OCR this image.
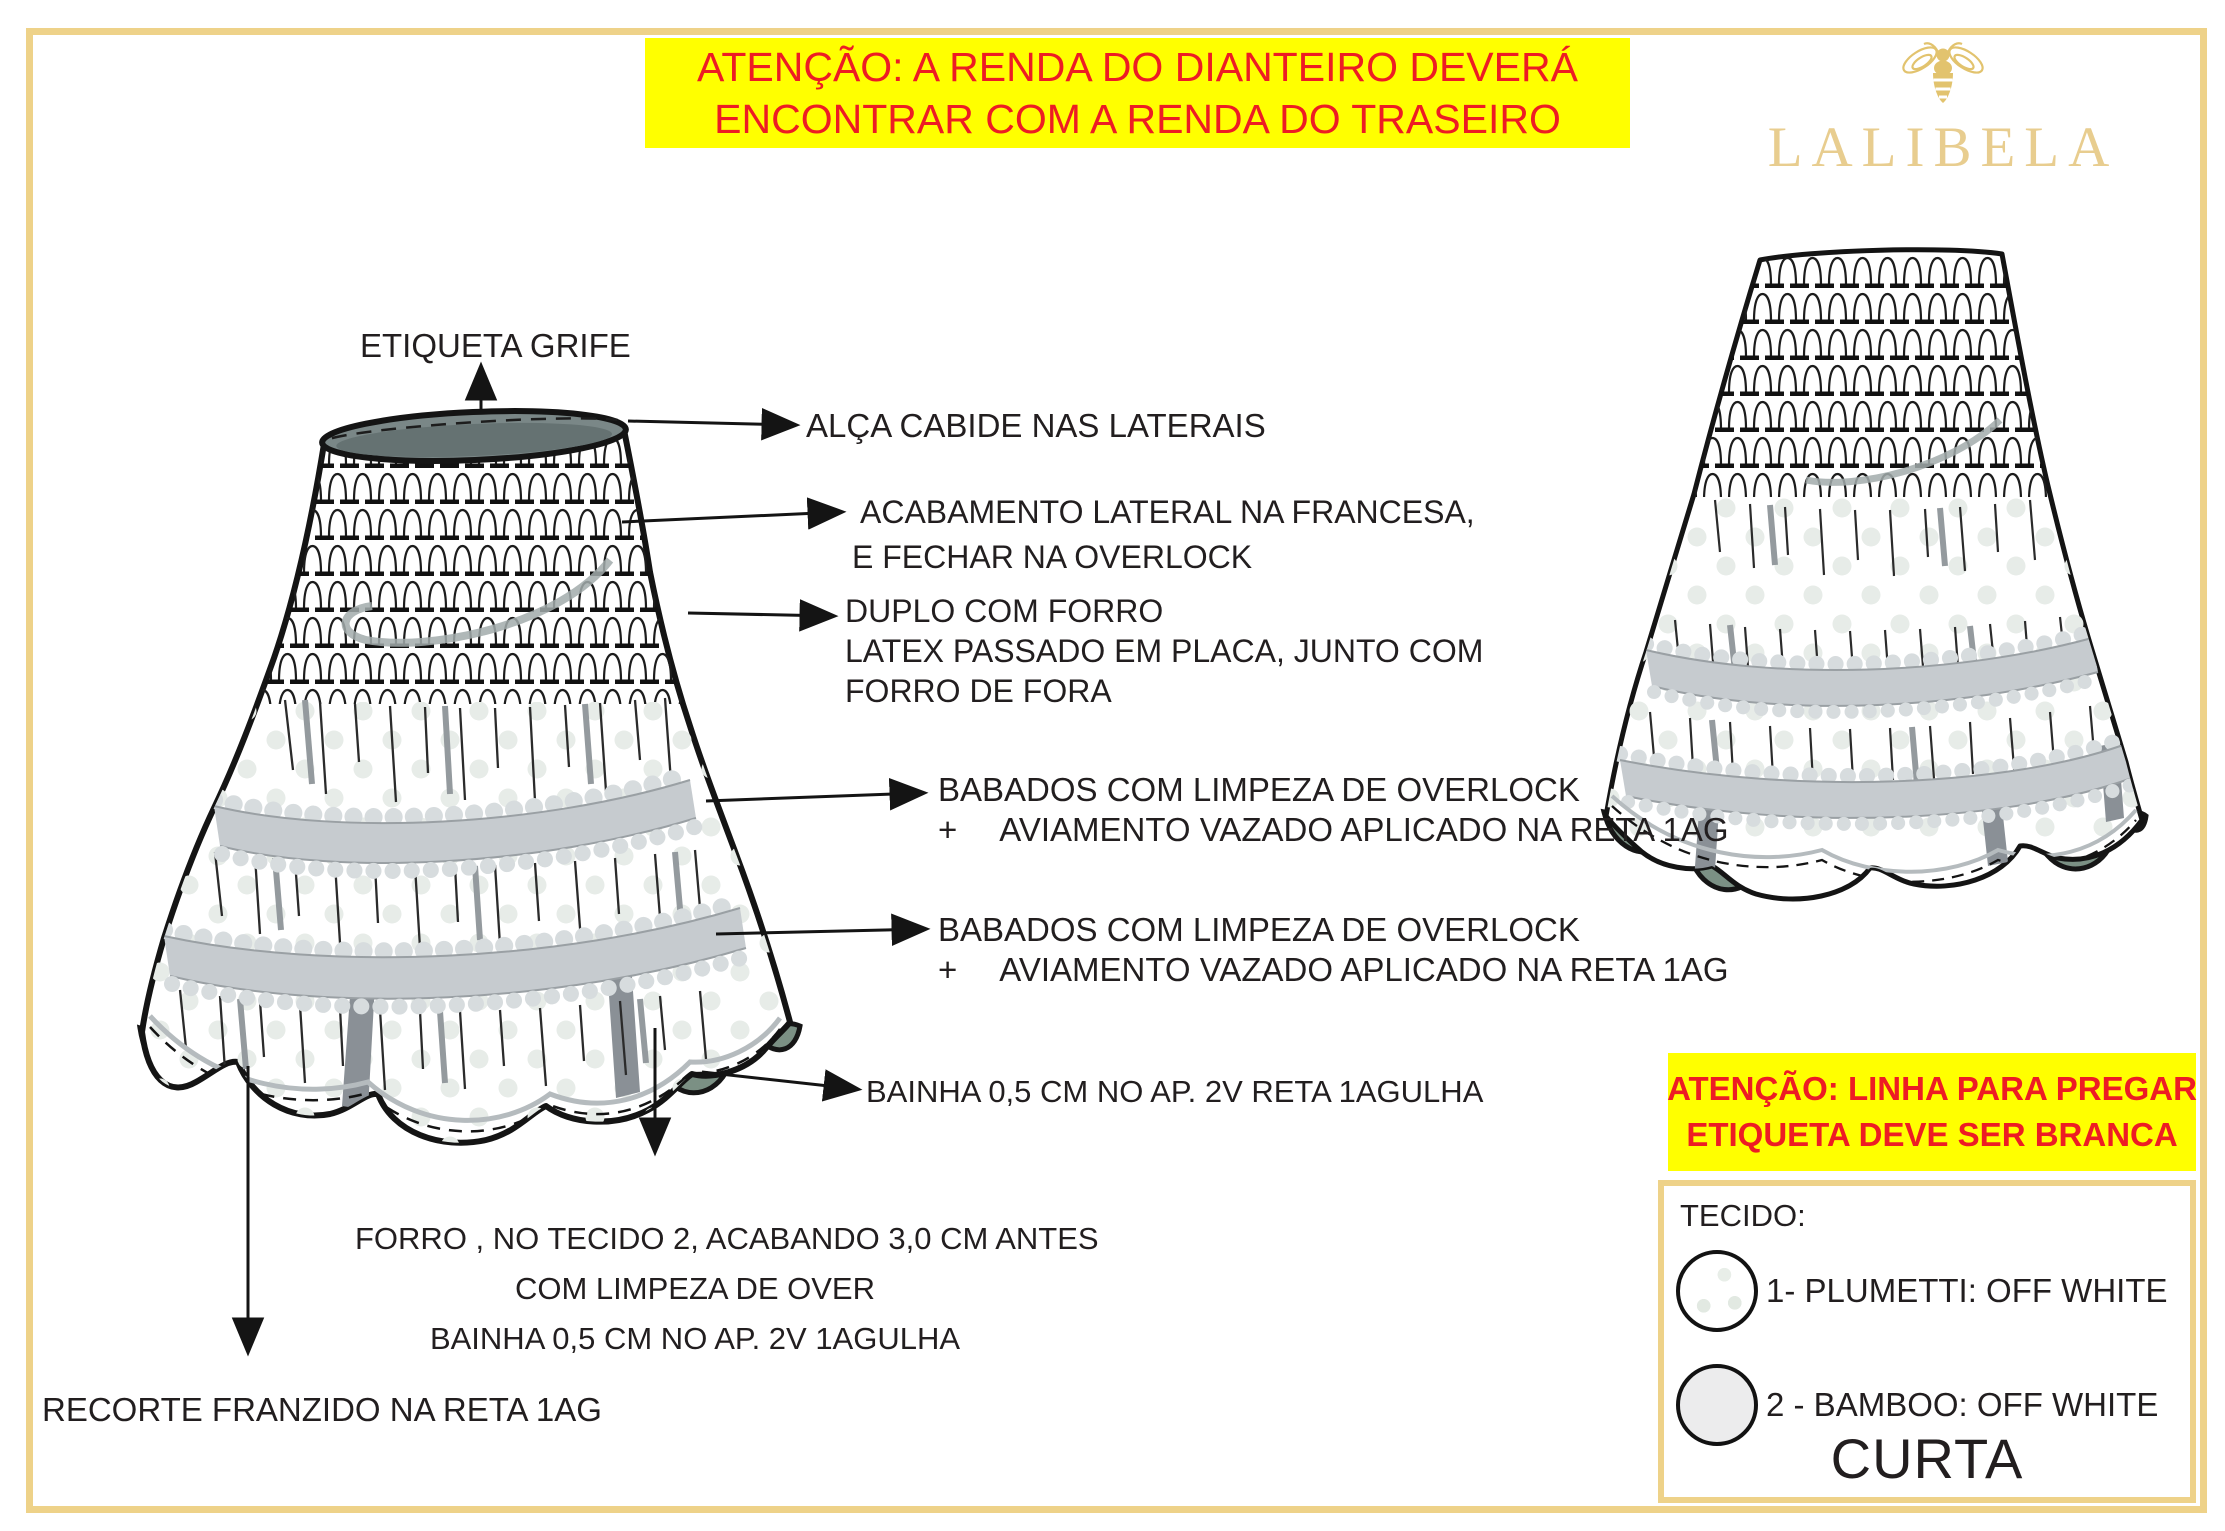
ATENÇÃO: A RENDA DO DIANTEIRO DEVERÁ
ENCONTRAR COM A RENDA DO TRASEIRO	LALIBELA
ETIQUETA GRIFE
ALÇA CABIDE NAS LATERAIS
ACABAMENTO LATERAL NA FRANCESA,
E FECHAR NA OVERLOCK
DUPLO COM FORRO
LATEX PASSADO EM PLACA, JUNTO COM
FORRO DE FORA
BABADOS COM LIMPEZA DE OVERLOCK
+ AVIAMENTO VAZADO APLICADO NA RETA 1AG
BABADOS COM LIMPEZA DE OVERLOCK
+ AVIAMENTO VAZADO APLICADO NA RETA 1AG
BAINHA 0,5 CM NO AP. 2V RETA 1AGULHA
FORRO , NO TECIDO 2, ACABANDO 3,0 CM ANTES
COM LIMPEZA DE OVER
BAINHA 0,5 CM NO AP. 2V 1AGULHA
RECORTE FRANZIDO NA RETA 1AG
ATENÇÃO: LINHA PARA PREGAR
ETIQUETA DEVE SER BRANCA
TECIDO:
1- PLUMETTI: OFF WHITE
2 - BAMBOO: OFF WHITE
CURTA
